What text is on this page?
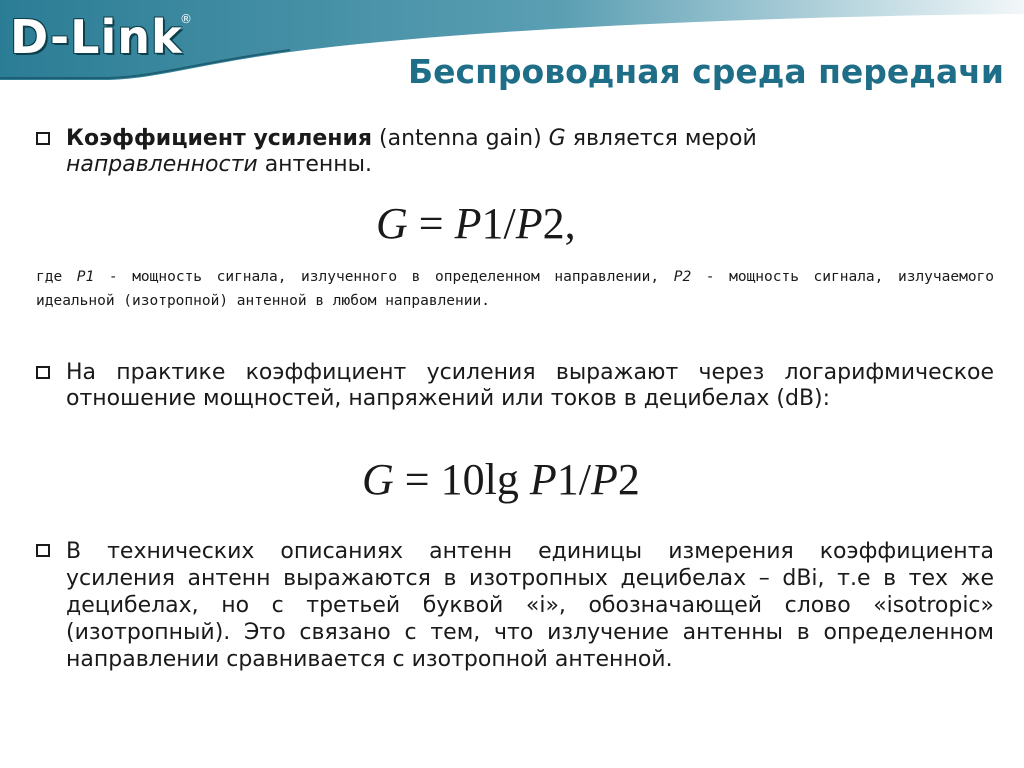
D-Link
®
Беспроводная среда передачи
Коэффициент усиления (antenna gain) G является мерой
направленности антенны.
G = P1/P2,
где P1 - мощность сигнала, излученного в определенном направлении, P2 - мощность сигнала, излучаемого идеальной (изотропной) антенной в любом направлении.
На практике коэффициент усиления выражают через логарифмическое отношение мощностей, напряжений или токов в децибелах (dB):
G = 10lg P1/P2
В технических описаниях антенн единицы измерения коэффициента усиления антенн выражаются в изотропных децибелах – dBi, т.е в тех же децибелах, но с третьей буквой «i», обозначающей слово «isotropic» (изотропный). Это связано с тем, что излучение антенны в определенном направлении сравнивается с изотропной антенной.
